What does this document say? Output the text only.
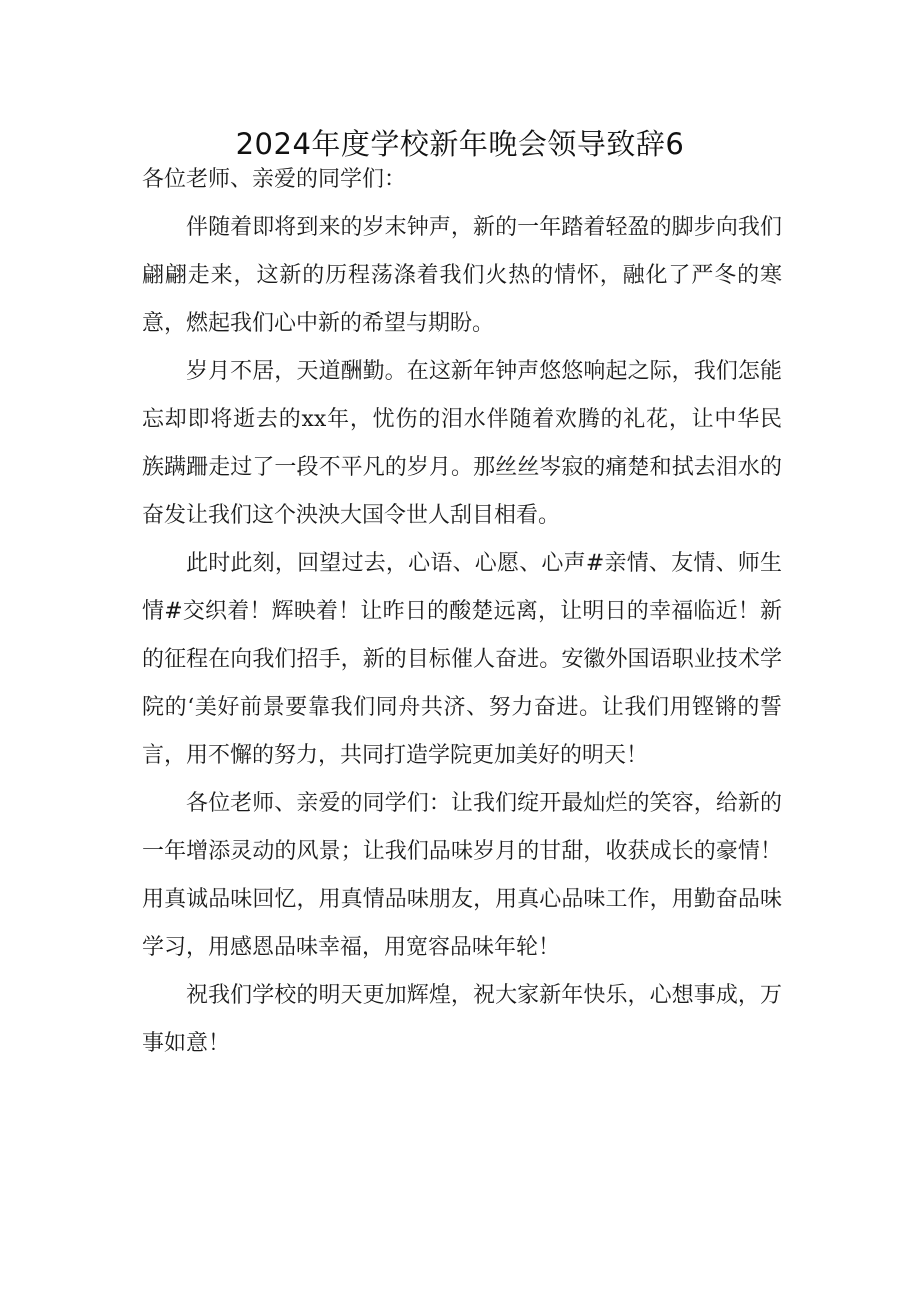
2024年度学校新年晚会领导致辞6

各位老师、亲爱的同学们：

伴随着即将到来的岁末钟声，新的一年踏着轻盈的脚步向我们翩翩走来，这新的历程荡涤着我们火热的情怀，融化了严冬的寒意，燃起我们心中新的希望与期盼。

岁月不居，天道酬勤。在这新年钟声悠悠响起之际，我们怎能忘却即将逝去的xx年，忧伤的泪水伴随着欢腾的礼花，让中华民族蹒跚走过了一段不平凡的岁月。那丝丝岑寂的痛楚和拭去泪水的奋发让我们这个泱泱大国令世人刮目相看。

此时此刻，回望过去，心语、心愿、心声#亲情、友情、师生情#交织着！辉映着！让昨日的酸楚远离，让明日的幸福临近！新的征程在向我们招手，新的目标催人奋进。安徽外国语职业技术学院的‘美好前景要靠我们同舟共济、努力奋进。让我们用铿锵的誓言，用不懈的努力，共同打造学院更加美好的明天！

各位老师、亲爱的同学们：让我们绽开最灿烂的笑容，给新的一年增添灵动的风景；让我们品味岁月的甘甜，收获成长的豪情！用真诚品味回忆，用真情品味朋友，用真心品味工作，用勤奋品味学习，用感恩品味幸福，用宽容品味年轮！

祝我们学校的明天更加辉煌，祝大家新年快乐，心想事成，万事如意！
